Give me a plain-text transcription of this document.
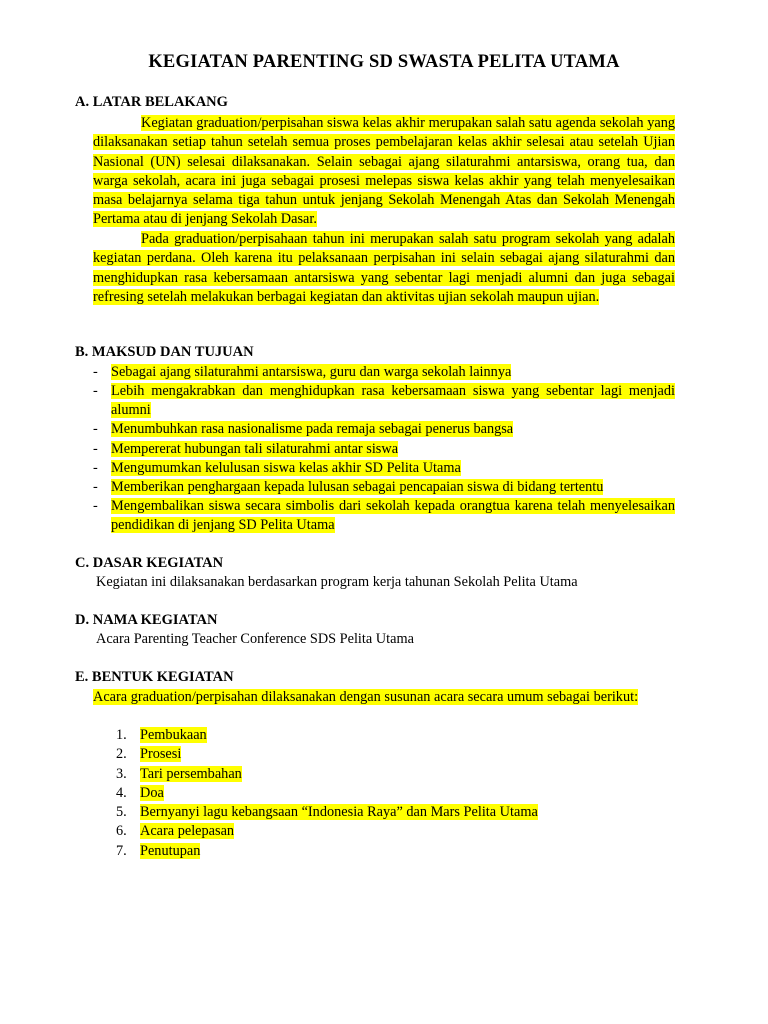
KEGIATAN PARENTING SD SWASTA PELITA UTAMA
A. LATAR BELAKANG
Kegiatan graduation/perpisahan siswa kelas akhir merupakan salah satu agenda sekolah yang dilaksanakan setiap tahun setelah semua proses pembelajaran kelas akhir selesai atau setelah Ujian Nasional (UN) selesai dilaksanakan. Selain sebagai ajang silaturahmi antarsiswa, orang tua, dan warga sekolah, acara ini juga sebagai prosesi melepas siswa kelas akhir yang telah menyelesaikan masa belajarnya selama tiga tahun untuk jenjang Sekolah Menengah Atas dan Sekolah Menengah Pertama atau di jenjang Sekolah Dasar.
Pada graduation/perpisahaan tahun ini merupakan salah satu program sekolah yang adalah kegiatan perdana. Oleh karena itu pelaksanaan perpisahan ini selain sebagai ajang silaturahmi dan menghidupkan rasa kebersamaan antarsiswa yang sebentar lagi menjadi alumni dan juga sebagai refresing setelah melakukan berbagai kegiatan dan aktivitas ujian sekolah maupun ujian.
B. MAKSUD DAN TUJUAN
- Sebagai ajang silaturahmi antarsiswa, guru dan warga sekolah lainnya
- Lebih mengakrabkan dan menghidupkan rasa kebersamaan siswa yang sebentar lagi menjadi alumni
- Menumbuhkan rasa nasionalisme pada remaja sebagai penerus bangsa
- Mempererat hubungan tali silaturahmi antar siswa
- Mengumumkan kelulusan siswa kelas akhir SD Pelita Utama
- Memberikan penghargaan kepada lulusan sebagai pencapaian siswa di bidang tertentu
- Mengembalikan siswa secara simbolis dari sekolah kepada orangtua karena telah menyelesaikan pendidikan di jenjang SD Pelita Utama
C. DASAR KEGIATAN
Kegiatan ini dilaksanakan berdasarkan program kerja tahunan Sekolah Pelita Utama
D. NAMA KEGIATAN
Acara Parenting Teacher Conference SDS Pelita Utama
E. BENTUK KEGIATAN
Acara graduation/perpisahan dilaksanakan dengan susunan acara secara umum sebagai berikut:
1. Pembukaan
2. Prosesi
3. Tari persembahan
4. Doa
5. Bernyanyi lagu kebangsaan “Indonesia Raya” dan Mars Pelita Utama
6. Acara pelepasan
7. Penutupan
